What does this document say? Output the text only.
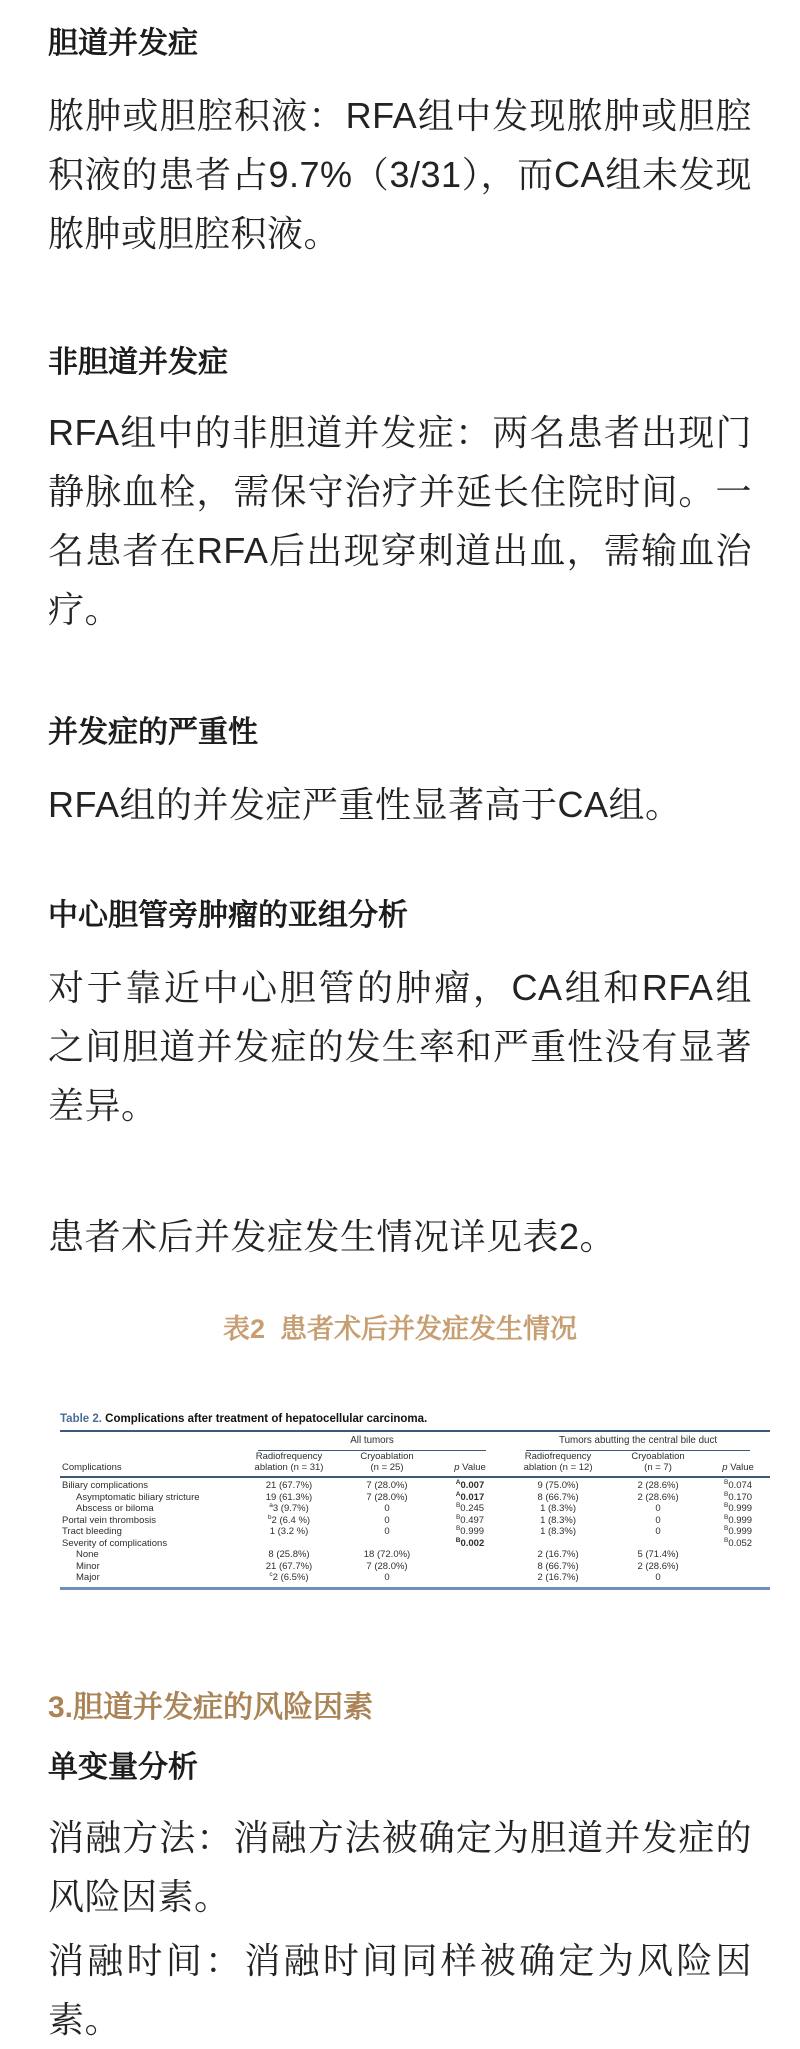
胆道并发症

脓肿或胆腔积液：RFA组中发现脓肿或胆腔积液的患者占9.7%（3/31），而CA组未发现脓肿或胆腔积液。

非胆道并发症

RFA组中的非胆道并发症：两名患者出现门静脉血栓，需保守治疗并延长住院时间。一名患者在RFA后出现穿刺道出血，需输血治疗。

并发症的严重性

RFA组的并发症严重性显著高于CA组。

中心胆管旁肿瘤的亚组分析

对于靠近中心胆管的肿瘤，CA组和RFA组之间胆道并发症的发生率和严重性没有显著差异。

患者术后并发症发生情况详见表2。

表2  患者术后并发症发生情况
Table 2. Complications after treatment of hepatocellular carcinoma.

	All tumors			Tumors abutting the central bile duct		

Complications	
Radiofrequency
ablation (n = 31)

Cryoablation
(n = 25)	p Value	
Radiofrequency
ablation (n = 12)

Cryoablation
(n = 7)	p Value
Biliary complications	21 (67.7%)	7 (28.0%)	$^A$0.007	9 (75.0%)	2 (28.6%)	$^B$0.074
Asymptomatic biliary stricture	19 (61.3%)	7 (28.0%)	$^A$0.017	8 (66.7%)	2 (28.6%)	$^B$0.170
Abscess or biloma	$^a$3 (9.7%)	0	$^B$0.245	1 (8.3%)	0	$^B$0.999
Portal vein thrombosis	$^b$2 (6.4 %)	0	$^B$0.497	1 (8.3%)	0	$^B$0.999
Tract bleeding	1 (3.2 %)	0	$^B$0.999	1 (8.3%)	0	$^B$0.999
Severity of complications			$^B$0.002			$^B$0.052
None	8 (25.8%)	18 (72.0%)		2 (16.7%)	5 (71.4%)	
Minor	21 (67.7%)	7 (28.0%)		8 (66.7%)	2 (28.6%)	
Major	$^c$2 (6.5%)	0		2 (16.7%)	0	
3.胆道并发症的风险因素
单变量分析

消融方法：消融方法被确定为胆道并发症的风险因素。

消融时间：消融时间同样被确定为风险因素。
